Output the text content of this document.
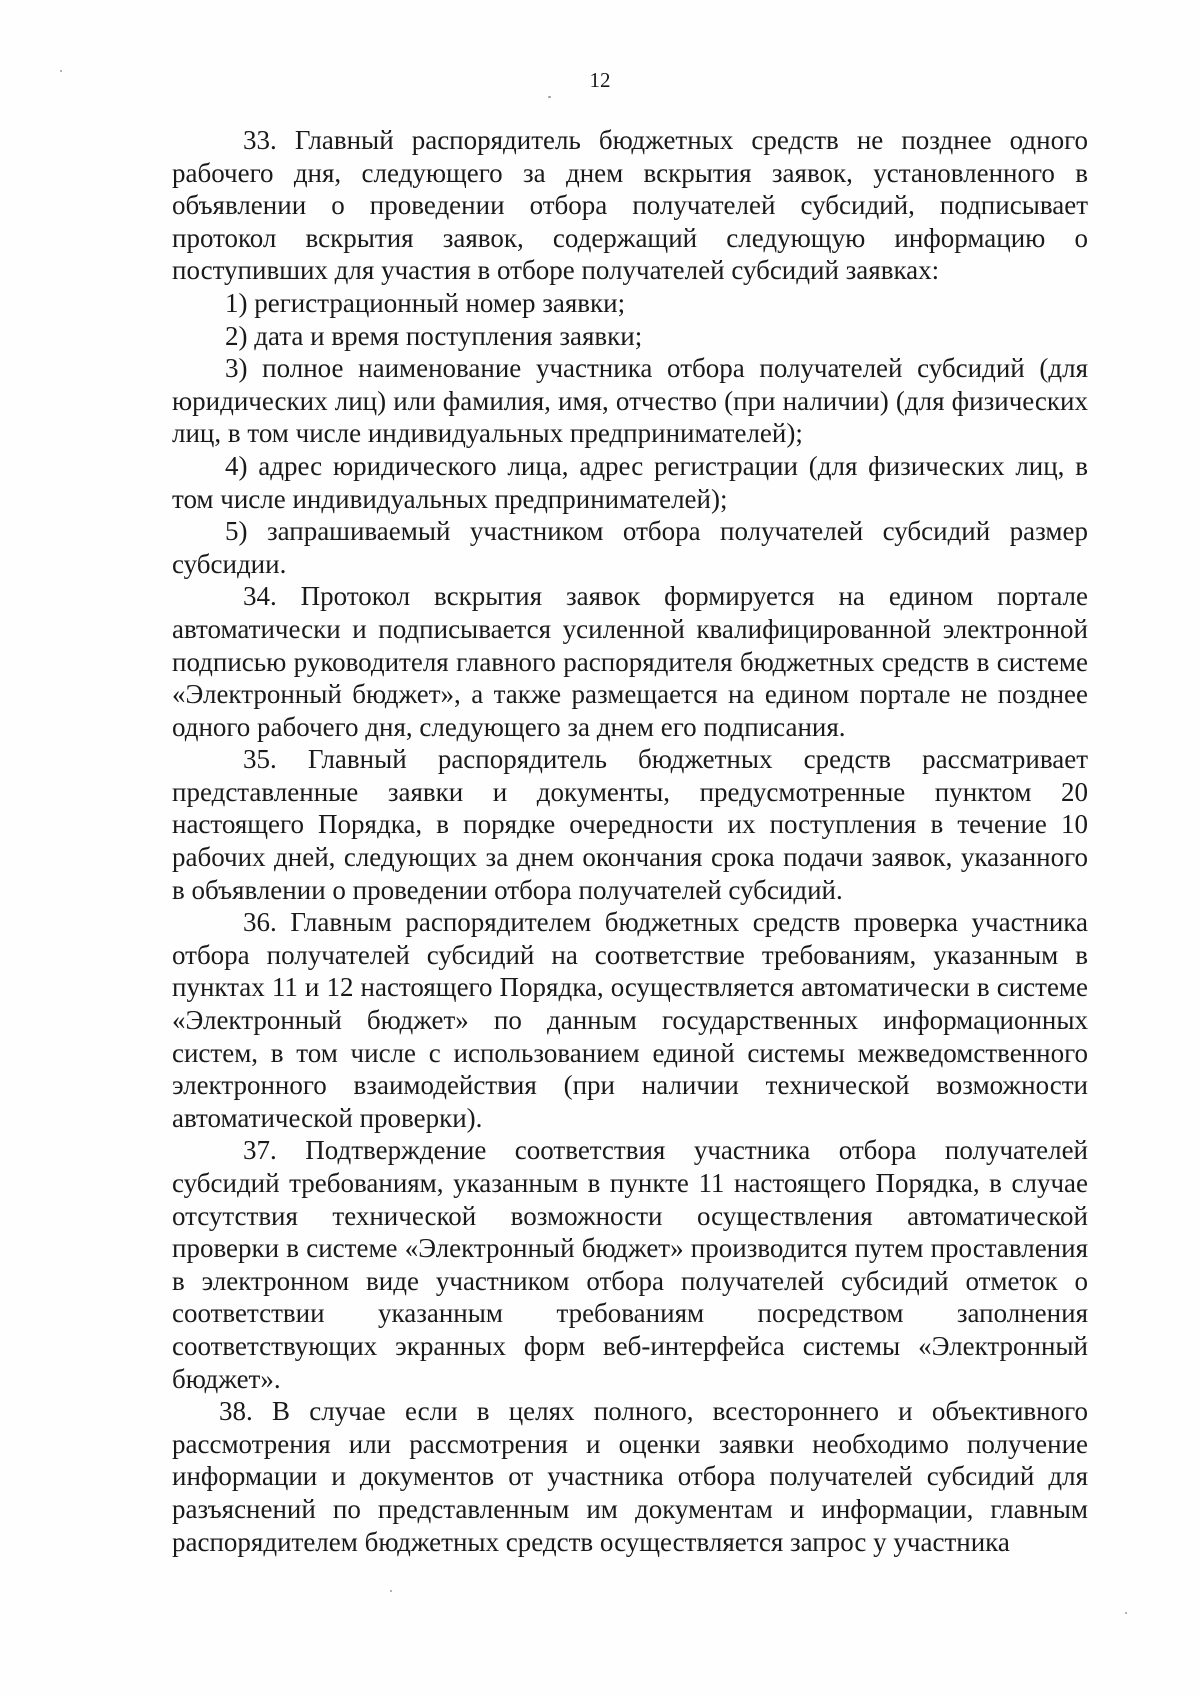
12

33. Главный распорядитель бюджетных средств не позднее одного рабочего дня, следующего за днем вскрытия заявок, установленного в объявлении о проведении отбора получателей субсидий, подписывает протокол вскрытия заявок, содержащий следующую информацию о поступивших для участия в отборе получателей субсидий заявках:

1) регистрационный номер заявки;

2) дата и время поступления заявки;

3) полное наименование участника отбора получателей субсидий (для юридических лиц) или фамилия, имя, отчество (при наличии) (для физических лиц, в том числе индивидуальных предпринимателей);

4) адрес юридического лица, адрес регистрации (для физических лиц, в том числе индивидуальных предпринимателей);

5) запрашиваемый участником отбора получателей субсидий размер субсидии.

34. Протокол вскрытия заявок формируется на едином портале автоматически и подписывается усиленной квалифицированной электронной подписью руководителя главного распорядителя бюджетных средств в системе «Электронный бюджет», а также размещается на едином портале не позднее одного рабочего дня, следующего за днем его подписания.

35. Главный распорядитель бюджетных средств рассматривает представленные заявки и документы, предусмотренные пунктом 20 настоящего Порядка, в порядке очередности их поступления в течение 10 рабочих дней, следующих за днем окончания срока подачи заявок, указанного в объявлении о проведении отбора получателей субсидий.

36. Главным распорядителем бюджетных средств проверка участника отбора получателей субсидий на соответствие требованиям, указанным в пунктах 11 и 12 настоящего Порядка, осуществляется автоматически в системе «Электронный бюджет» по данным государственных информационных систем, в том числе с использованием единой системы межведомственного электронного взаимодействия (при наличии технической возможности автоматической проверки).

37. Подтверждение соответствия участника отбора получателей субсидий требованиям, указанным в пункте 11 настоящего Порядка, в случае отсутствия технической возможности осуществления автоматической проверки в системе «Электронный бюджет» производится путем проставления в электронном виде участником отбора получателей субсидий отметок о соответствии указанным требованиям посредством заполнения соответствующих экранных форм веб-интерфейса системы «Электронный бюджет».

38. В случае если в целях полного, всестороннего и объективного рассмотрения или рассмотрения и оценки заявки необходимо получение информации и документов от участника отбора получателей субсидий для разъяснений по представленным им документам и информации, главным распорядителем бюджетных средств осуществляется запрос у участника
